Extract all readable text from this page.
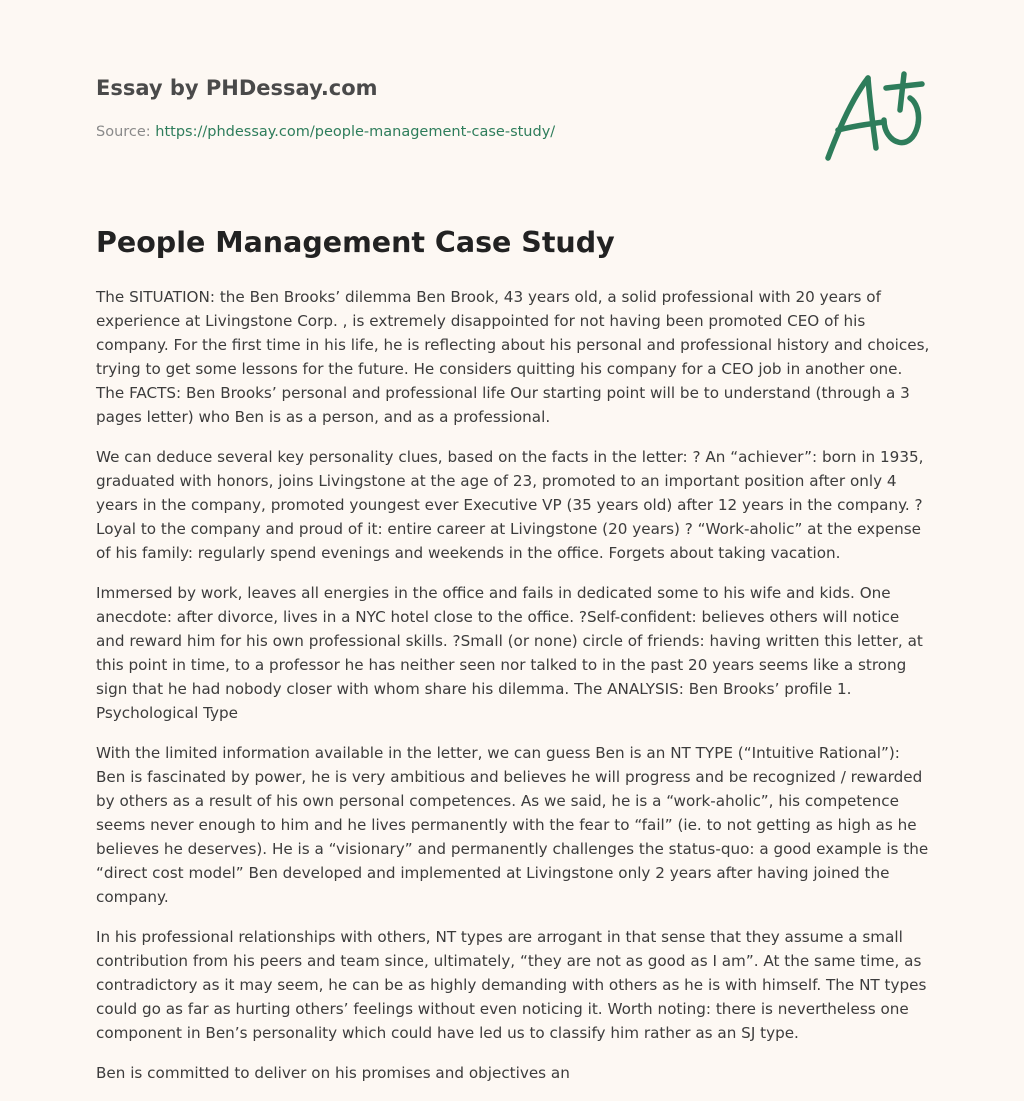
Essay by PHDessay.com
Source: https://phdessay.com/people-management-case-study/
People Management Case Study

The SITUATION: the Ben Brooks’ dilemma Ben Brook, 43 years old, a solid professional with 20 years of experience at Livingstone Corp. , is extremely disappointed for not having been promoted CEO of his company. For the first time in his life, he is reflecting about his personal and professional history and choices, trying to get some lessons for the future. He considers quitting his company for a CEO job in another one. The FACTS: Ben Brooks’ personal and professional life Our starting point will be to understand (through a 3 pages letter) who Ben is as a person, and as a professional.

We can deduce several key personality clues, based on the facts in the letter: ? An “achiever”: born in 1935, graduated with honors, joins Livingstone at the age of 23, promoted to an important position after only 4 years in the company, promoted youngest ever Executive VP (35 years old) after 12 years in the company. ?Loyal to the company and proud of it: entire career at Livingstone (20 years) ? “Work-aholic” at the expense of his family: regularly spend evenings and weekends in the office. Forgets about taking vacation.

Immersed by work, leaves all energies in the office and fails in dedicated some to his wife and kids. One anecdote: after divorce, lives in a NYC hotel close to the office. ?Self-confident: believes others will notice and reward him for his own professional skills. ?Small (or none) circle of friends: having written this letter, at this point in time, to a professor he has neither seen nor talked to in the past 20 years seems like a strong sign that he had nobody closer with whom share his dilemma. The ANALYSIS: Ben Brooks’ profile 1. Psychological Type

With the limited information available in the letter, we can guess Ben is an NT TYPE (“Intuitive Rational”): Ben is fascinated by power, he is very ambitious and believes he will progress and be recognized / rewarded by others as a result of his own personal competences. As we said, he is a “work-aholic”, his competence seems never enough to him and he lives permanently with the fear to “fail” (ie. to not getting as high as he believes he deserves). He is a “visionary” and permanently challenges the status-quo: a good example is the “direct cost model” Ben developed and implemented at Livingstone only 2 years after having joined the company.

In his professional relationships with others, NT types are arrogant in that sense that they assume a small contribution from his peers and team since, ultimately, “they are not as good as I am”. At the same time, as contradictory as it may seem, he can be as highly demanding with others as he is with himself. The NT types could go as far as hurting others’ feelings without even noticing it. Worth noting: there is nevertheless one component in Ben’s personality which could have led us to classify him rather as an SJ type.

Ben is committed to deliver on his promises and objectives an
